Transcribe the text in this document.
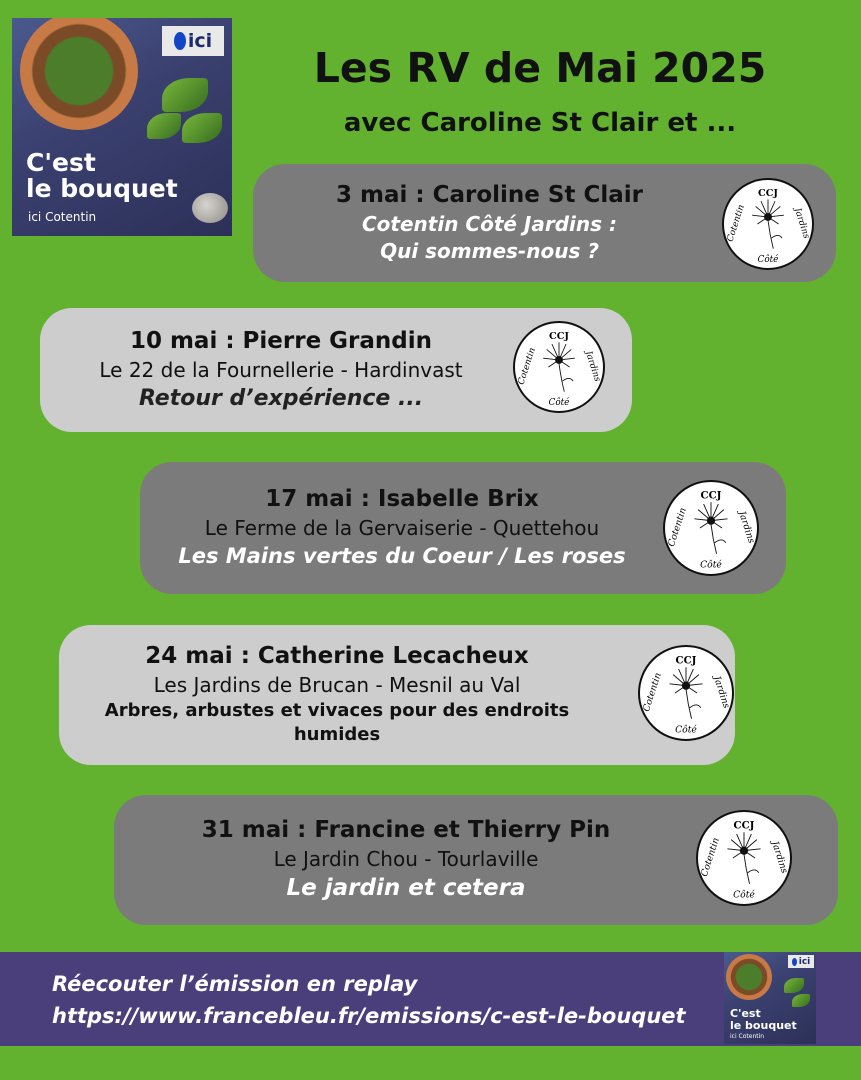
ici
C'est
le bouquet
ici Cotentin
Les RV de Mai 2025
avec Caroline St Clair et ...
3 mai : Caroline St Clair
Cotentin Côté Jardins :
Qui sommes-nous ?
CCJ
Côté
Cotentin	Jardins
10 mai : Pierre Grandin
Le 22 de la Fournellerie - Hardinvast
Retour d’expérience ...
CCJ
Côté
Cotentin	Jardins
17 mai : Isabelle Brix
Le Ferme de la Gervaiserie - Quettehou
Les Mains vertes du Coeur / Les roses
CCJ
Côté
Cotentin	Jardins
24 mai : Catherine Lecacheux
Les Jardins de Brucan - Mesnil au Val
Arbres, arbustes et vivaces pour des endroits
humides
CCJ
Côté
Cotentin	Jardins
31 mai : Francine et Thierry Pin
Le Jardin Chou - Tourlaville
Le jardin et cetera
CCJ
Côté
Cotentin	Jardins
Réecouter l’émission en replay
https://www.francebleu.fr/emissions/c-est-le-bouquet
ici
C'est
le bouquet
ici Cotentin
